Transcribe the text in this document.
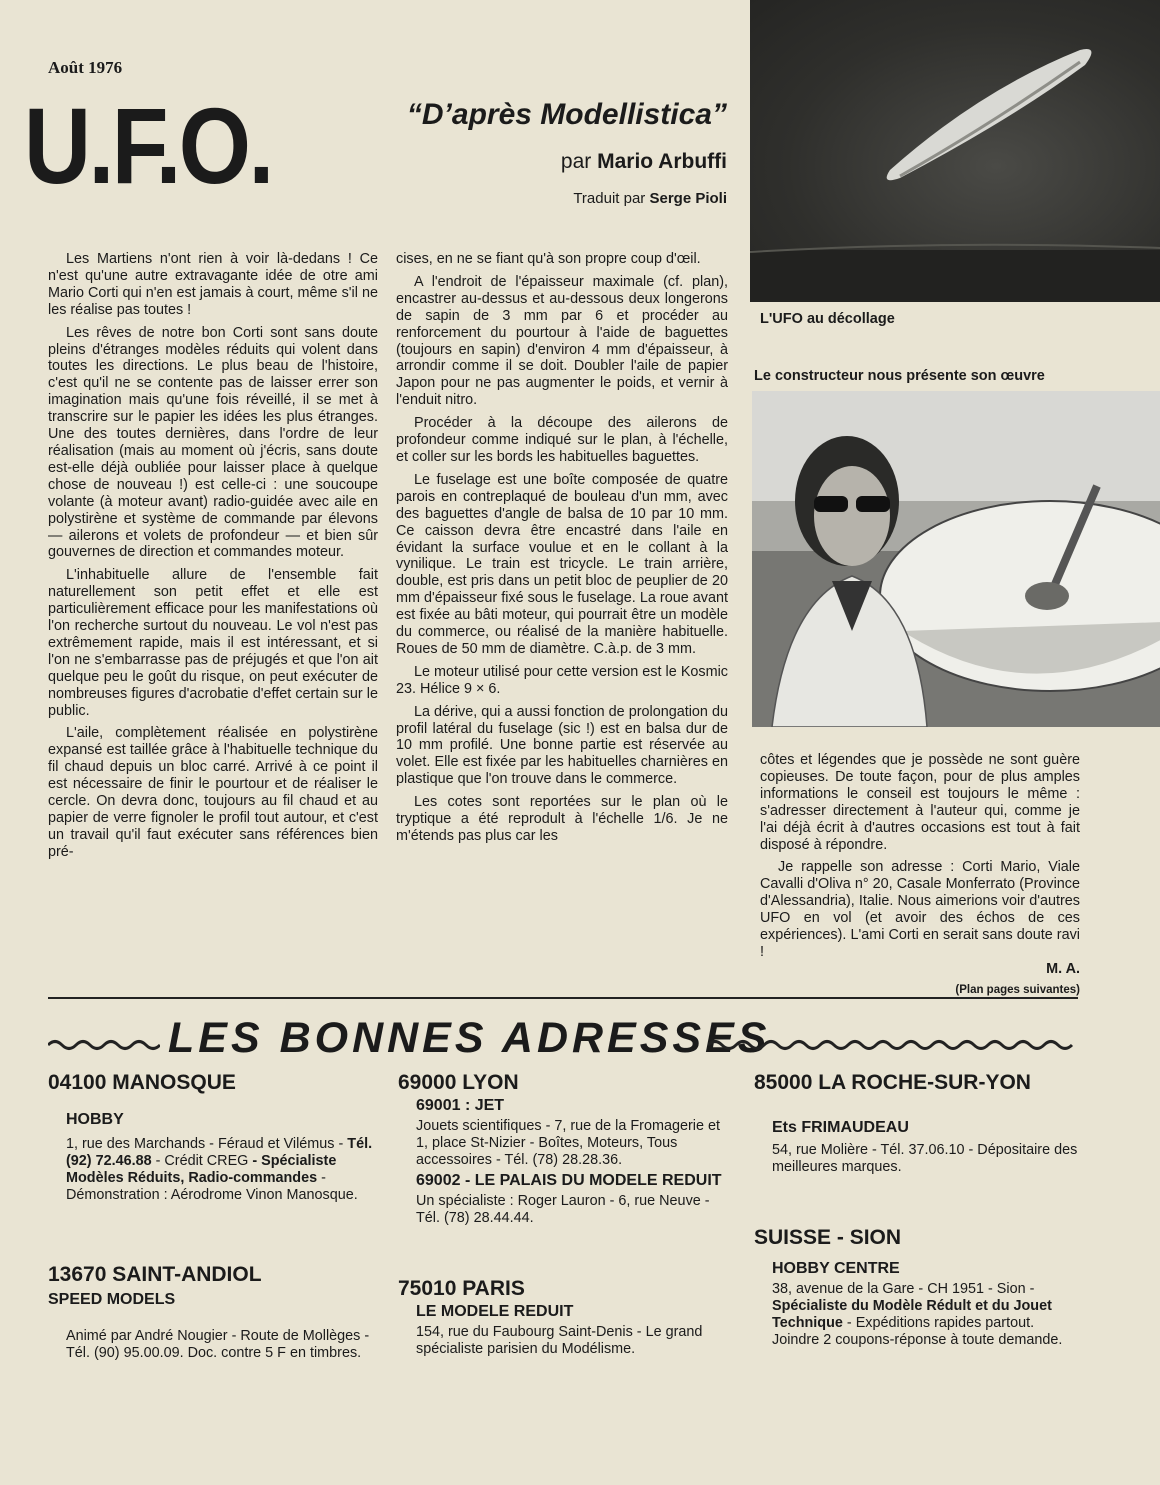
Août 1976
U.F.O.	“D’après Modellistica”
par Mario Arbuffi
Traduit par Serge Pioli
L'UFO au décollage
Le constructeur nous présente son œuvre

Les Martiens n'ont rien à voir là-dedans ! Ce n'est qu'une autre extravagante idée de otre ami Mario Corti qui n'en est jamais à court, même s'il ne les réalise pas toutes !

Les rêves de notre bon Corti sont sans doute pleins d'étranges modèles réduits qui volent dans toutes les directions. Le plus beau de l'histoire, c'est qu'il ne se contente pas de laisser errer son imagination mais qu'une fois réveillé, il se met à transcrire sur le papier les idées les plus étranges. Une des toutes dernières, dans l'ordre de leur réalisation (mais au moment où j'écris, sans doute est-elle déjà oubliée pour laisser place à quelque chose de nouveau !) est celle-ci : une soucoupe volante (à moteur avant) radio-guidée avec aile en polystirène et système de commande par élevons — ailerons et volets de profondeur — et bien sûr gouvernes de direction et commandes moteur.

L'inhabituelle allure de l'ensemble fait naturellement son petit effet et elle est particulièrement efficace pour les manifestations où l'on recherche surtout du nouveau. Le vol n'est pas extrêmement rapide, mais il est intéressant, et si l'on ne s'embarrasse pas de préjugés et que l'on ait quelque peu le goût du risque, on peut exécuter de nombreuses figures d'acrobatie d'effet certain sur le public.

L'aile, complètement réalisée en polystirène expansé est taillée grâce à l'habituelle technique du fil chaud depuis un bloc carré. Arrivé à ce point il est nécessaire de finir le pourtour et de réaliser le cercle. On devra donc, toujours au fil chaud et au papier de verre fignoler le profil tout autour, et c'est un travail qu'il faut exécuter sans références bien pré-

cises, en ne se fiant qu'à son propre coup d'œil.

A l'endroit de l'épaisseur maximale (cf. plan), encastrer au-dessus et au-dessous deux longerons de sapin de 3 mm par 6 et procéder au renforcement du pourtour à l'aide de baguettes (toujours en sapin) d'environ 4 mm d'épaisseur, à arrondir comme il se doit. Doubler l'aile de papier Japon pour ne pas augmenter le poids, et vernir à l'enduit nitro.

Procéder à la découpe des ailerons de profondeur comme indiqué sur le plan, à l'échelle, et coller sur les bords les habituelles baguettes.

Le fuselage est une boîte composée de quatre parois en contreplaqué de bouleau d'un mm, avec des baguettes d'angle de balsa de 10 par 10 mm. Ce caisson devra être encastré dans l'aile en évidant la surface voulue et en le collant à la vynilique. Le train est tricycle. Le train arrière, double, est pris dans un petit bloc de peuplier de 20 mm d'épaisseur fixé sous le fuselage. La roue avant est fixée au bâti moteur, qui pourrait être un modèle du commerce, ou réalisé de la manière habituelle. Roues de 50 mm de diamètre. C.à.p. de 3 mm.

Le moteur utilisé pour cette version est le Kosmic 23. Hélice 9 × 6.

La dérive, qui a aussi fonction de prolongation du profil latéral du fuselage (sic !) est en balsa dur de 10 mm profilé. Une bonne partie est réservée au volet. Elle est fixée par les habituelles charnières en plastique que l'on trouve dans le commerce.

Les cotes sont reportées sur le plan où le tryptique a été reprodult à l'échelle 1/6. Je ne m'étends pas plus car les

côtes et légendes que je possède ne sont guère copieuses. De toute façon, pour de plus amples informations le conseil est toujours le même : s'adresser directement à l'auteur qui, comme je l'ai déjà écrit à d'autres occasions est tout à fait disposé à répondre.

Je rappelle son adresse : Corti Mario, Viale Cavalli d'Oliva n° 20, Casale Monferrato (Province d'Alessandria), Italie. Nous aimerions voir d'autres UFO en vol (et avoir des échos de ces expériences). L'ami Corti en serait sans doute ravi !

M. A.

(Plan pages suivantes)

LES BONNES ADRESSES
04100 MANOSQUE
HOBBY

1, rue des Marchands - Féraud et Vilémus - Tél. (92) 72.46.88 - Crédit CREG - Spécialiste Modèles Réduits, Radio-commandes - Démonstration : Aérodrome Vinon Manosque.

13670 SAINT-ANDIOL
SPEED MODELS

Animé par André Nougier - Route de Mollèges - Tél. (90) 95.00.09. Doc. contre 5 F en timbres.

69000 LYON
69001 : JET

Jouets scientifiques - 7, rue de la Fromagerie et 1, place St-Nizier - Boîtes, Moteurs, Tous accessoires - Tél. (78) 28.28.36.

69002 - LE PALAIS DU MODELE REDUIT

Un spécialiste : Roger Lauron - 6, rue Neuve - Tél. (78) 28.44.44.

75010 PARIS
LE MODELE REDUIT

154, rue du Faubourg Saint-Denis - Le grand spécialiste parisien du Modélisme.

85000 LA ROCHE-SUR-YON
Ets FRIMAUDEAU

54, rue Molière - Tél. 37.06.10 - Dépositaire des meilleures marques.

SUISSE - SION
HOBBY CENTRE

38, avenue de la Gare - CH 1951 - Sion - Spécialiste du Modèle Rédult et du Jouet Technique - Expéditions rapides partout. Joindre 2 coupons-réponse à toute demande.
